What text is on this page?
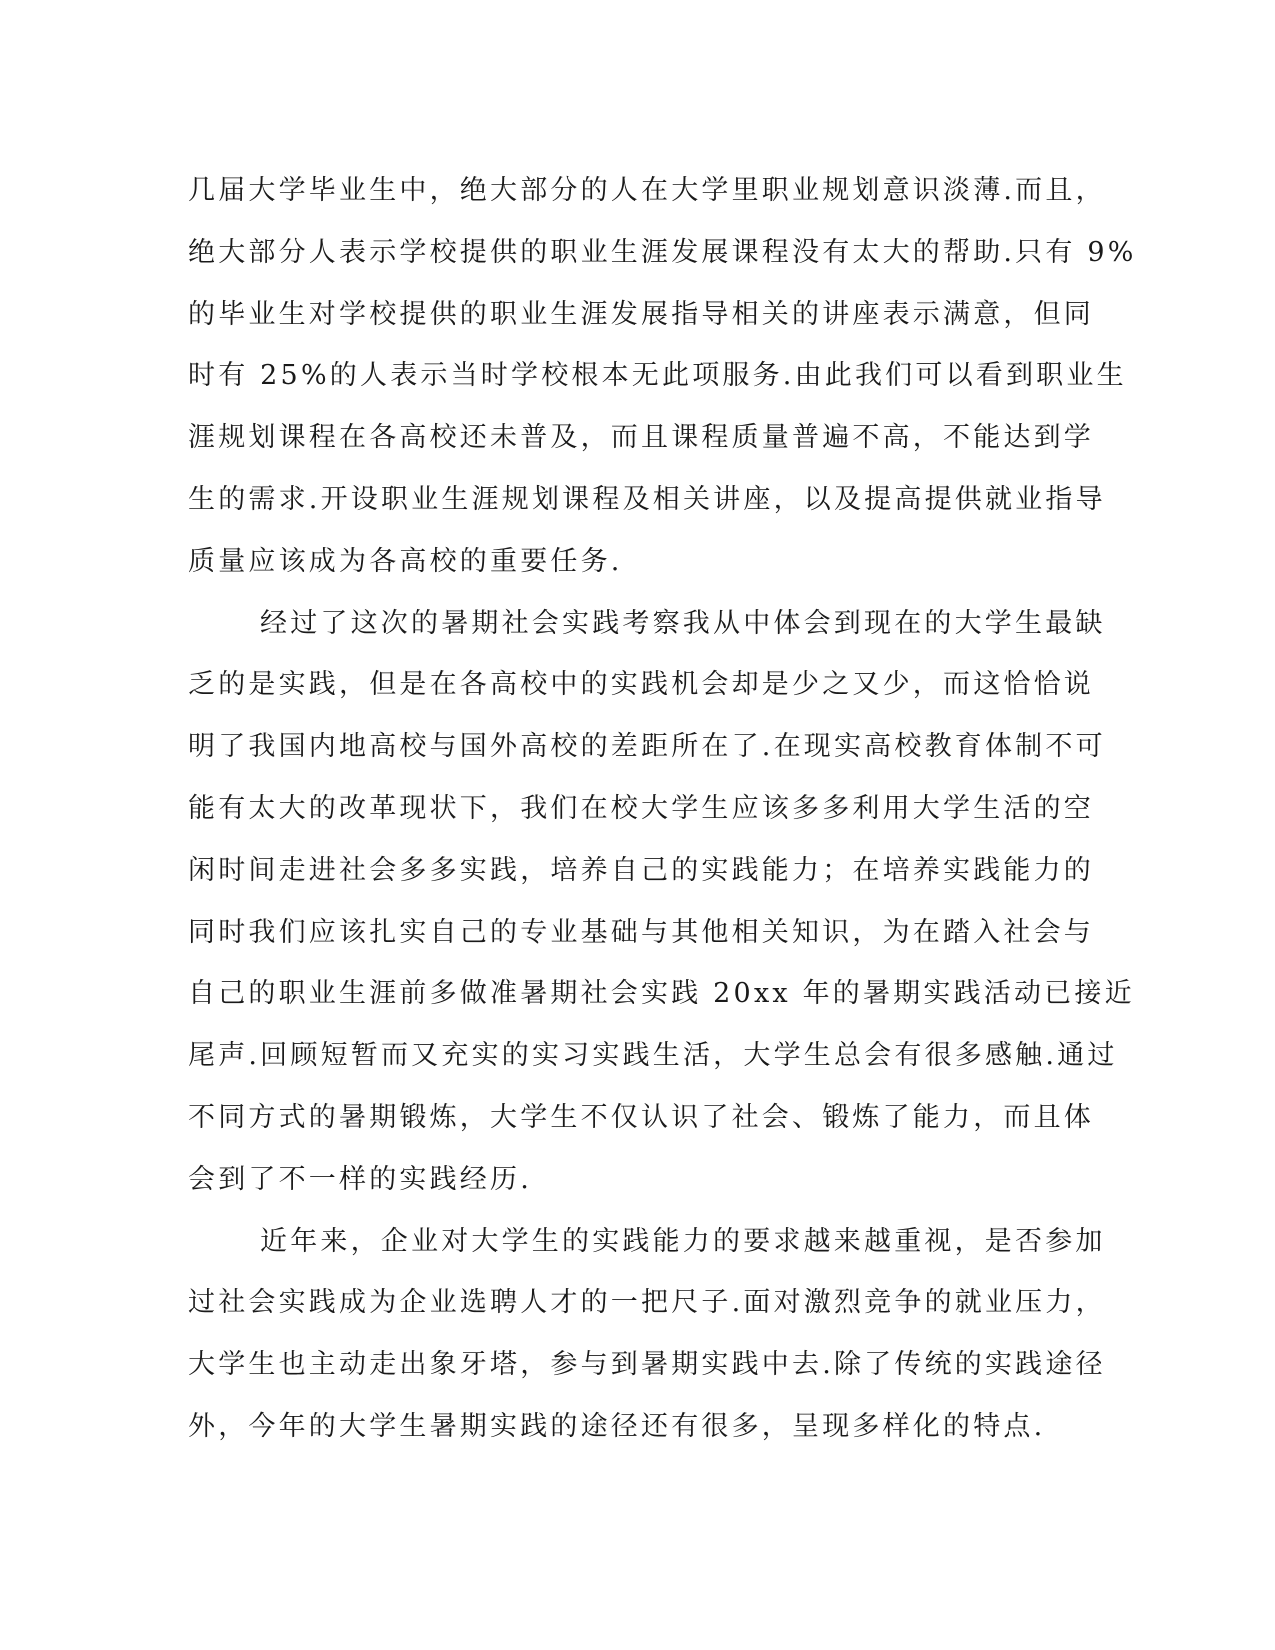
几届大学毕业生中，绝大部分的人在大学里职业规划意识淡薄.而且，
绝大部分人表示学校提供的职业生涯发展课程没有太大的帮助.只有 9%
的毕业生对学校提供的职业生涯发展指导相关的讲座表示满意，但同
时有 25%的人表示当时学校根本无此项服务.由此我们可以看到职业生
涯规划课程在各高校还未普及，而且课程质量普遍不高，不能达到学
生的需求.开设职业生涯规划课程及相关讲座，以及提高提供就业指导
质量应该成为各高校的重要任务.
经过了这次的暑期社会实践考察我从中体会到现在的大学生最缺
乏的是实践，但是在各高校中的实践机会却是少之又少，而这恰恰说
明了我国内地高校与国外高校的差距所在了.在现实高校教育体制不可
能有太大的改革现状下，我们在校大学生应该多多利用大学生活的空
闲时间走进社会多多实践，培养自己的实践能力；在培养实践能力的
同时我们应该扎实自己的专业基础与其他相关知识，为在踏入社会与
自己的职业生涯前多做准暑期社会实践 20xx 年的暑期实践活动已接近
尾声.回顾短暂而又充实的实习实践生活，大学生总会有很多感触.通过
不同方式的暑期锻炼，大学生不仅认识了社会、锻炼了能力，而且体
会到了不一样的实践经历.
近年来，企业对大学生的实践能力的要求越来越重视，是否参加
过社会实践成为企业选聘人才的一把尺子.面对激烈竞争的就业压力，
大学生也主动走出象牙塔，参与到暑期实践中去.除了传统的实践途径
外，今年的大学生暑期实践的途径还有很多，呈现多样化的特点.
